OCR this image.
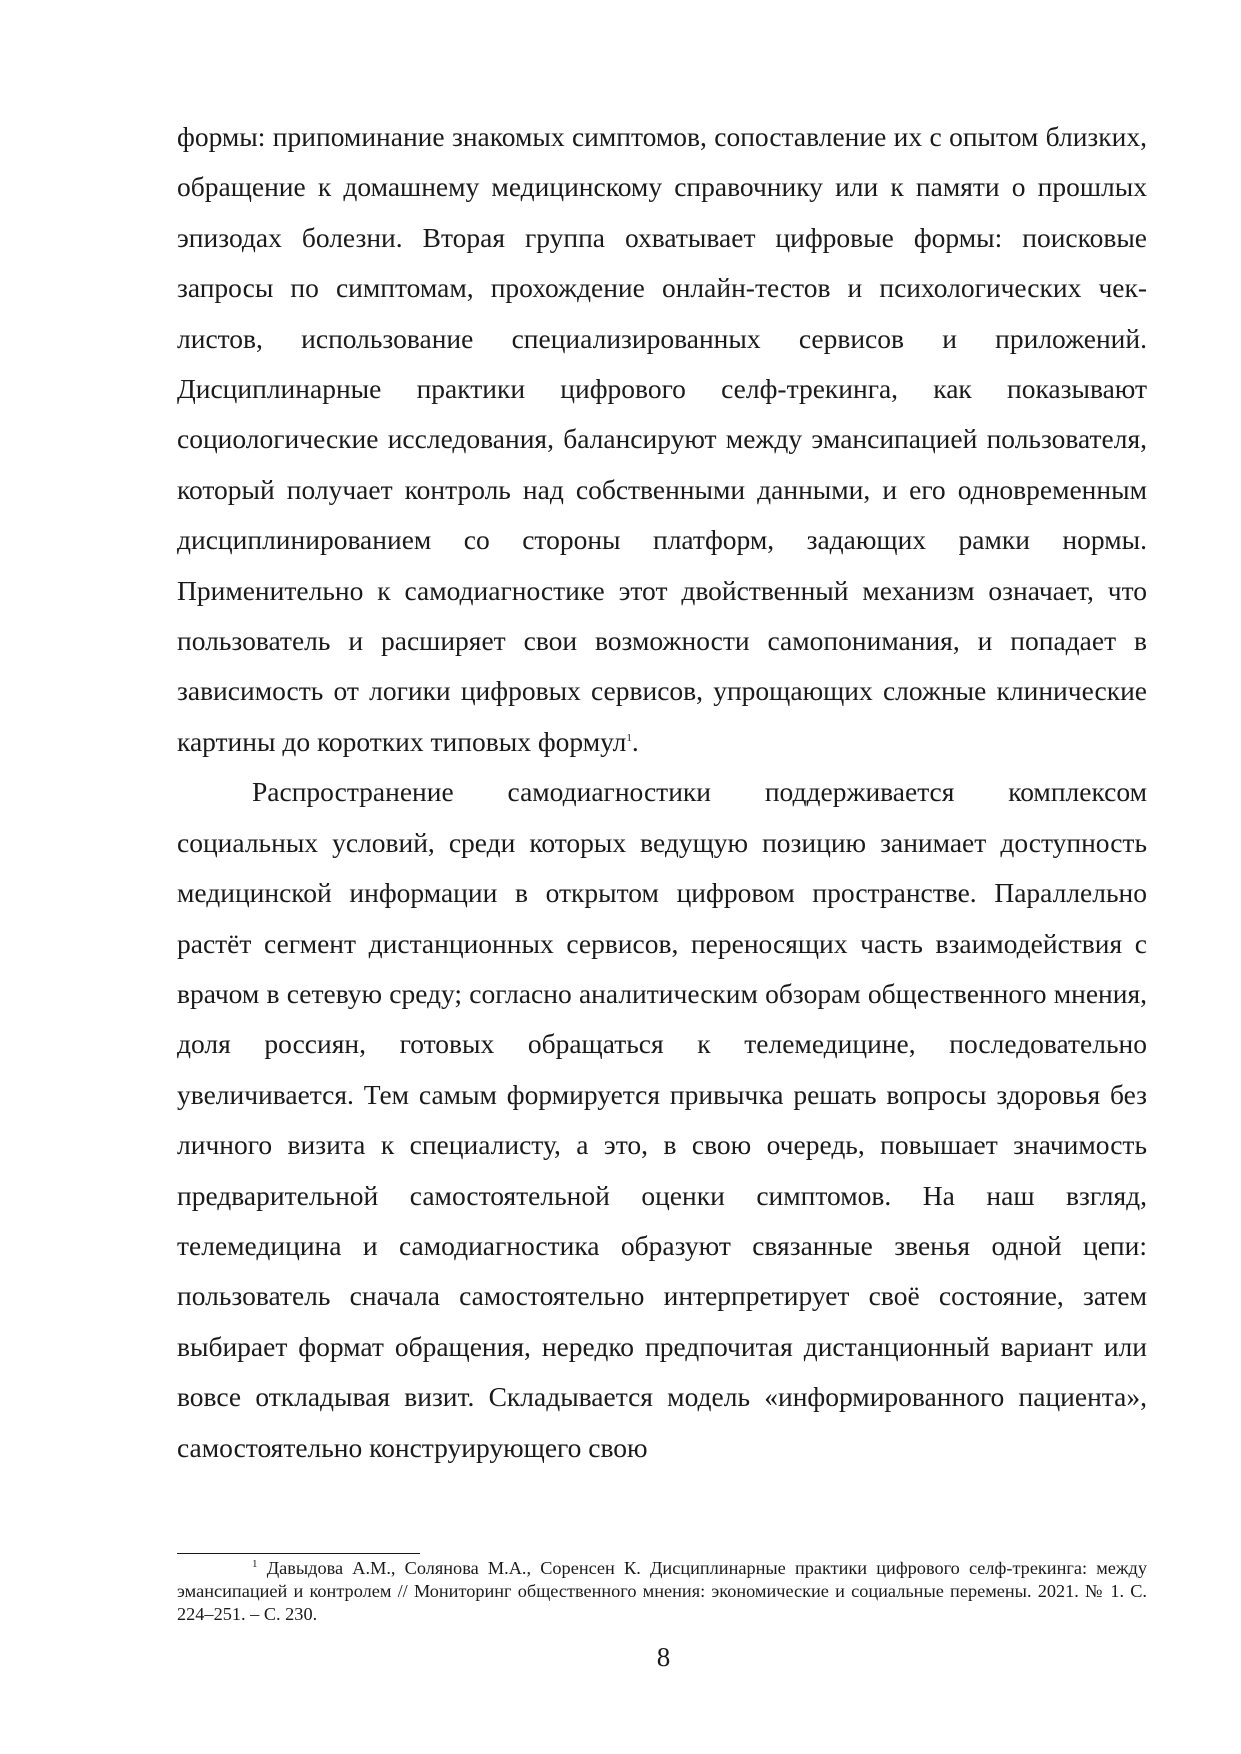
формы: припоминание знакомых симптомов, сопоставление их с опытом близких, обращение к домашнему медицинскому справочнику или к памяти о прошлых эпизодах болезни. Вторая группа охватывает цифровые формы: поисковые запросы по симптомам, прохождение онлайн-тестов и психологических чек-листов, использование специализированных сервисов и приложений. Дисциплинарные практики цифрового селф-трекинга, как показывают социологические исследования, балансируют между эмансипацией пользователя, который получает контроль над собственными данными, и его одновременным дисциплинированием со стороны платформ, задающих рамки нормы. Применительно к самодиагностике этот двойственный механизм означает, что пользователь и расширяет свои возможности самопонимания, и попадает в зависимость от логики цифровых сервисов, упрощающих сложные клинические картины до коротких типовых формул$^1$.

Распространение самодиагностики поддерживается комплексом социальных условий, среди которых ведущую позицию занимает доступность медицинской информации в открытом цифровом пространстве. Параллельно растёт сегмент дистанционных сервисов, переносящих часть взаимодействия с врачом в сетевую среду; согласно аналитическим обзорам общественного мнения, доля россиян, готовых обращаться к телемедицине, последовательно увеличивается. Тем самым формируется привычка решать вопросы здоровья без личного визита к специалисту, а это, в свою очередь, повышает значимость предварительной самостоятельной оценки симптомов. На наш взгляд, телемедицина и самодиагностика образуют связанные звенья одной цепи: пользователь сначала самостоятельно интерпретирует своё состояние, затем выбирает формат обращения, нередко предпочитая дистанционный вариант или вовсе откладывая визит. Складывается модель «информированного пациента», самостоятельно конструирующего свою

$^1$ Давыдова А.М., Солянова М.А., Соренсен К. Дисциплинарные практики цифрового селф-трекинга: между эмансипацией и контролем // Мониторинг общественного мнения: экономические и социальные перемены. 2021. № 1. С. 224–251. – С. 230.

8
